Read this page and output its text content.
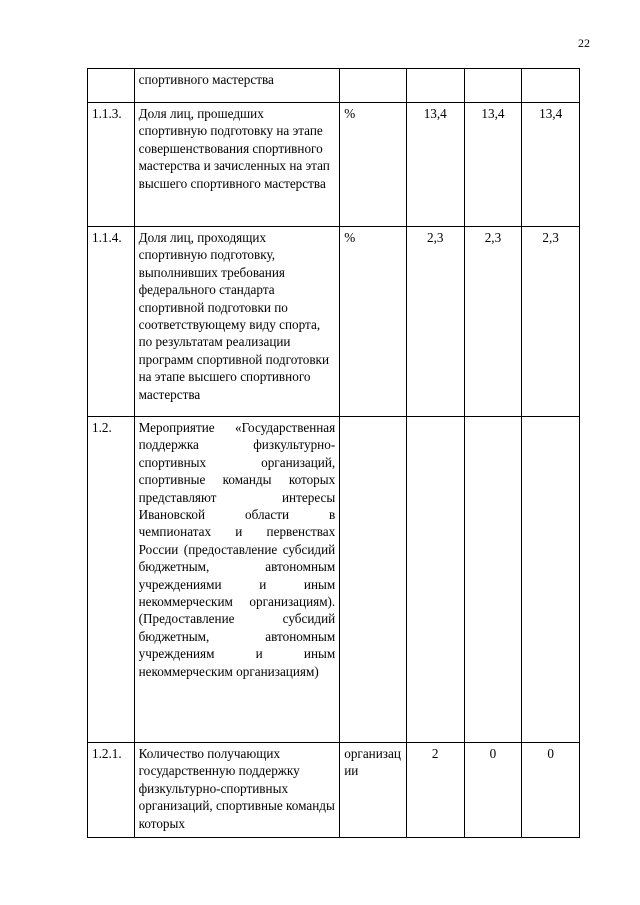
22
	спортивного мастерства				
1.1.3.	Доля лиц, прошедших спортивную подготовку на этапе совершенствования спортивного мастерства и зачисленных на этап высшего спортивного мастерства	%	13,4	13,4	13,4
1.1.4.	Доля лиц, проходящих спортивную подготовку, выполнивших требования федерального стандарта спортивной подготовки по соответствующему виду спорта, по результатам реализации программ спортивной подготовки на этапе высшего спортивного мастерства	%	2,3	2,3	2,3
1.2.	Мероприятие «Государственная поддержка физкультурно-спортивных организаций, спортивные команды которых представляют интересы Ивановской области в чемпионатах и первенствах России (предоставление субсидий бюджетным, автономным учреждениями и иным некоммерческим организациям). (Предоставление субсидий бюджетным, автономным учреждениям и иным некоммерческим организациям)				
1.2.1.	Количество получающих государственную поддержку физкультурно-спортивных организаций, спортивные команды которых	организации	2	0	0
